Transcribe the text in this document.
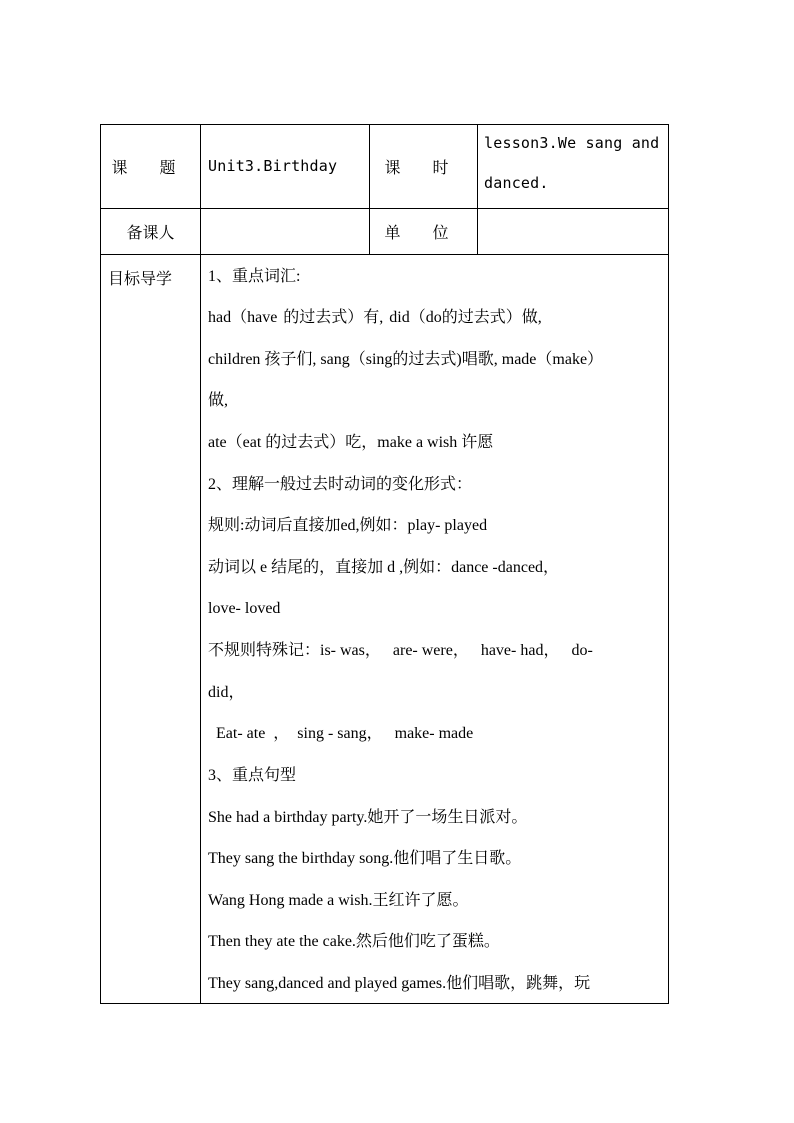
课 题 Unit3.Birthday	课 时
lesson3.We sang and
danced.
备课人	单 位
目标导学 1、重点词汇:
had（have 的过去式）有, did（do的过去式）做,
children 孩子们, sang（sing的过去式)唱歌, made（make）
做,
ate（eat 的过去式）吃，make a wish 许愿
2、理解一般过去时动词的变化形式：
规则:动词后直接加ed,例如：play- played
动词以 e 结尾的，直接加 d ,例如：dance -danced，
love- loved
不规则特殊记：is- was，   are- were，   have- had，   do-
did，
Eat- ate  ，  sing - sang，   make- made
3、重点句型
She had a birthday party.她开了一场生日派对。
They sang the birthday song.他们唱了生日歌。
Wang Hong made a wish.王红许了愿。
Then they ate the cake.然后他们吃了蛋糕。
They sang,danced and played games.他们唱歌，跳舞，玩
